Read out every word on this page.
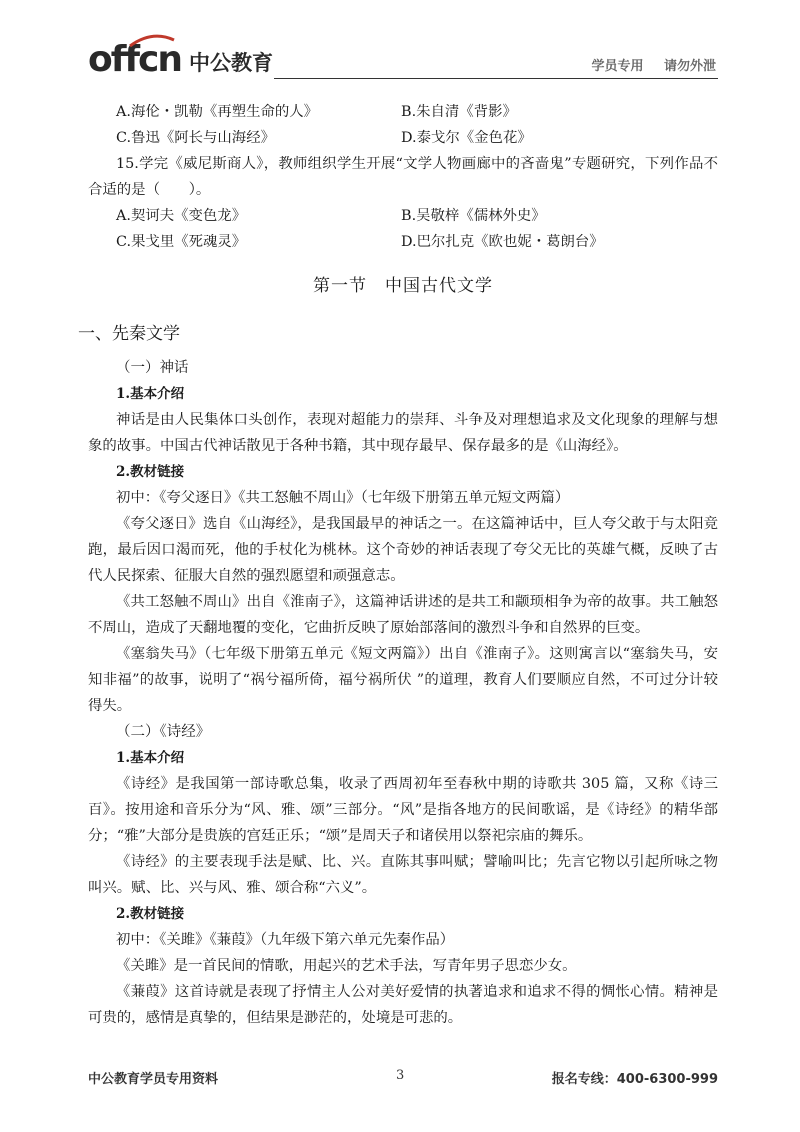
offcn 中公教育	学员专用 请勿外泄
A.海伦・凯勒《再塑生命的人》	B.朱自清《背影》
C.鲁迅《阿长与山海经》	D.泰戈尔《金色花》
15.学完《威尼斯商人》，教师组织学生开展“文学人物画廊中的吝啬鬼”专题研究，下列作品不合适的是（　　）。
A.契诃夫《变色龙》	B.吴敬梓《儒林外史》
C.果戈里《死魂灵》	D.巴尔扎克《欧也妮・葛朗台》
第一节　中国古代文学
一、先秦文学
（一）神话
1.基本介绍
神话是由人民集体口头创作，表现对超能力的崇拜、斗争及对理想追求及文化现象的理解与想象的故事。中国古代神话散见于各种书籍，其中现存最早、保存最多的是《山海经》。
2.教材链接
初中：《夸父逐日》《共工怒触不周山》（七年级下册第五单元短文两篇）
《夸父逐日》选自《山海经》，是我国最早的神话之一。在这篇神话中，巨人夸父敢于与太阳竞跑，最后因口渴而死，他的手杖化为桃林。这个奇妙的神话表现了夸父无比的英雄气概，反映了古代人民探索、征服大自然的强烈愿望和顽强意志。
《共工怒触不周山》出自《淮南子》，这篇神话讲述的是共工和颛顼相争为帝的故事。共工触怒不周山，造成了天翻地覆的变化，它曲折反映了原始部落间的激烈斗争和自然界的巨变。
《塞翁失马》（七年级下册第五单元《短文两篇》）出自《淮南子》。这则寓言以“塞翁失马，安知非福”的故事，说明了“祸兮福所倚，福兮祸所伏 ”的道理，教育人们要顺应自然，不可过分计较得失。
（二）《诗经》
1.基本介绍
《诗经》是我国第一部诗歌总集，收录了西周初年至春秋中期的诗歌共 305 篇，又称《诗三百》。按用途和音乐分为“风、雅、颂”三部分。“风”是指各地方的民间歌谣，是《诗经》的精华部分；“雅”大部分是贵族的宫廷正乐；“颂”是周天子和诸侯用以祭祀宗庙的舞乐。
《诗经》的主要表现手法是赋、比、兴。直陈其事叫赋；譬喻叫比；先言它物以引起所咏之物叫兴。赋、比、兴与风、雅、颂合称“六义”。
2.教材链接
初中：《关雎》《蒹葭》（九年级下第六单元先秦作品）
《关雎》是一首民间的情歌，用起兴的艺术手法，写青年男子思恋少女。
《蒹葭》这首诗就是表现了抒情主人公对美好爱情的执著追求和追求不得的惆怅心情。精神是可贵的，感情是真挚的，但结果是渺茫的，处境是可悲的。
中公教育学员专用资料	3	报名专线：400-6300-999
